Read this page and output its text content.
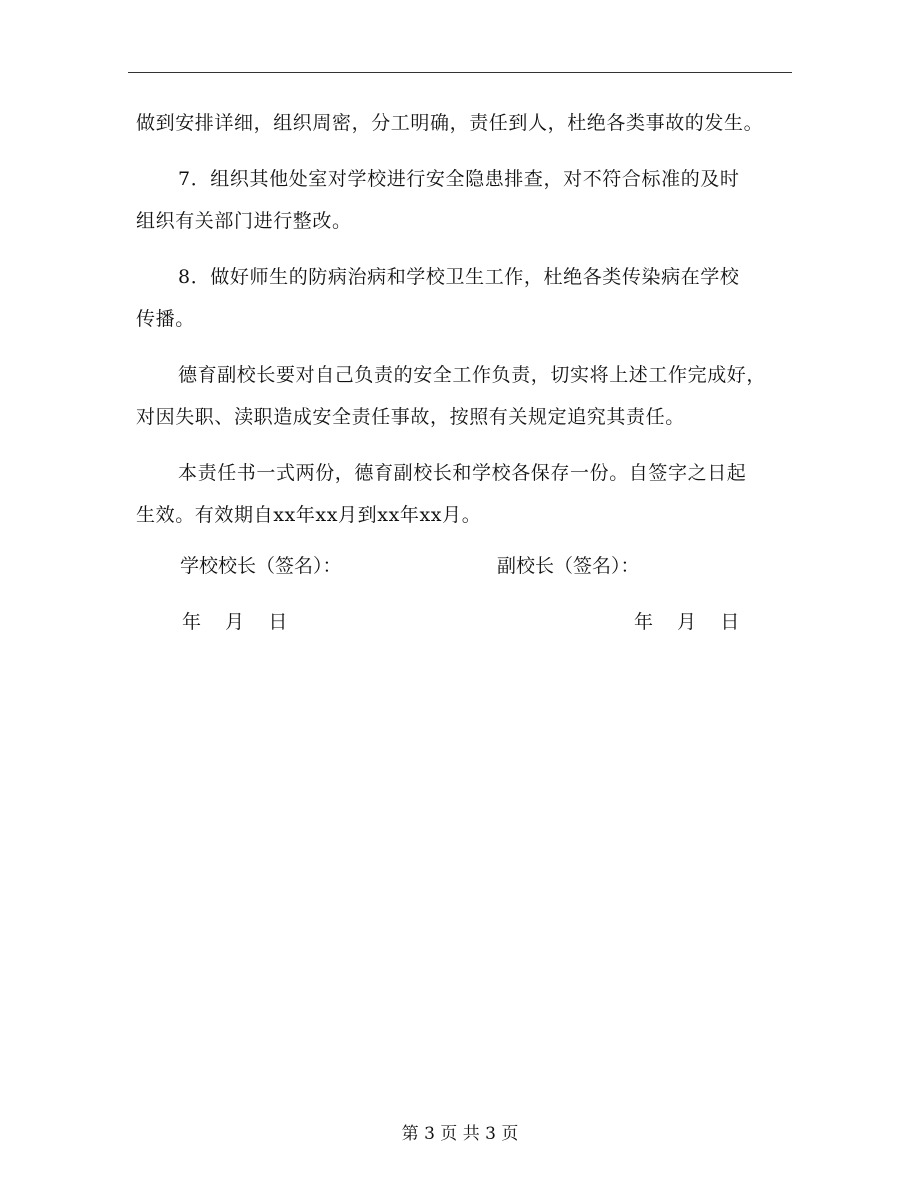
做到安排详细，组织周密，分工明确，责任到人，杜绝各类事故的发生。
7．组织其他处室对学校进行安全隐患排查，对不符合标准的及时
组织有关部门进行整改。
8．做好师生的防病治病和学校卫生工作，杜绝各类传染病在学校
传播。
德育副校长要对自己负责的安全工作负责，切实将上述工作完成好，
对因失职、渎职造成安全责任事故，按照有关规定追究其责任。
本责任书一式两份，德育副校长和学校各保存一份。自签字之日起
生效。有效期自xx年xx月到xx年xx月。
学校校长（签名）：	副校长（签名）：
年    月    日	年    月    日
第 3 页 共 3 页
